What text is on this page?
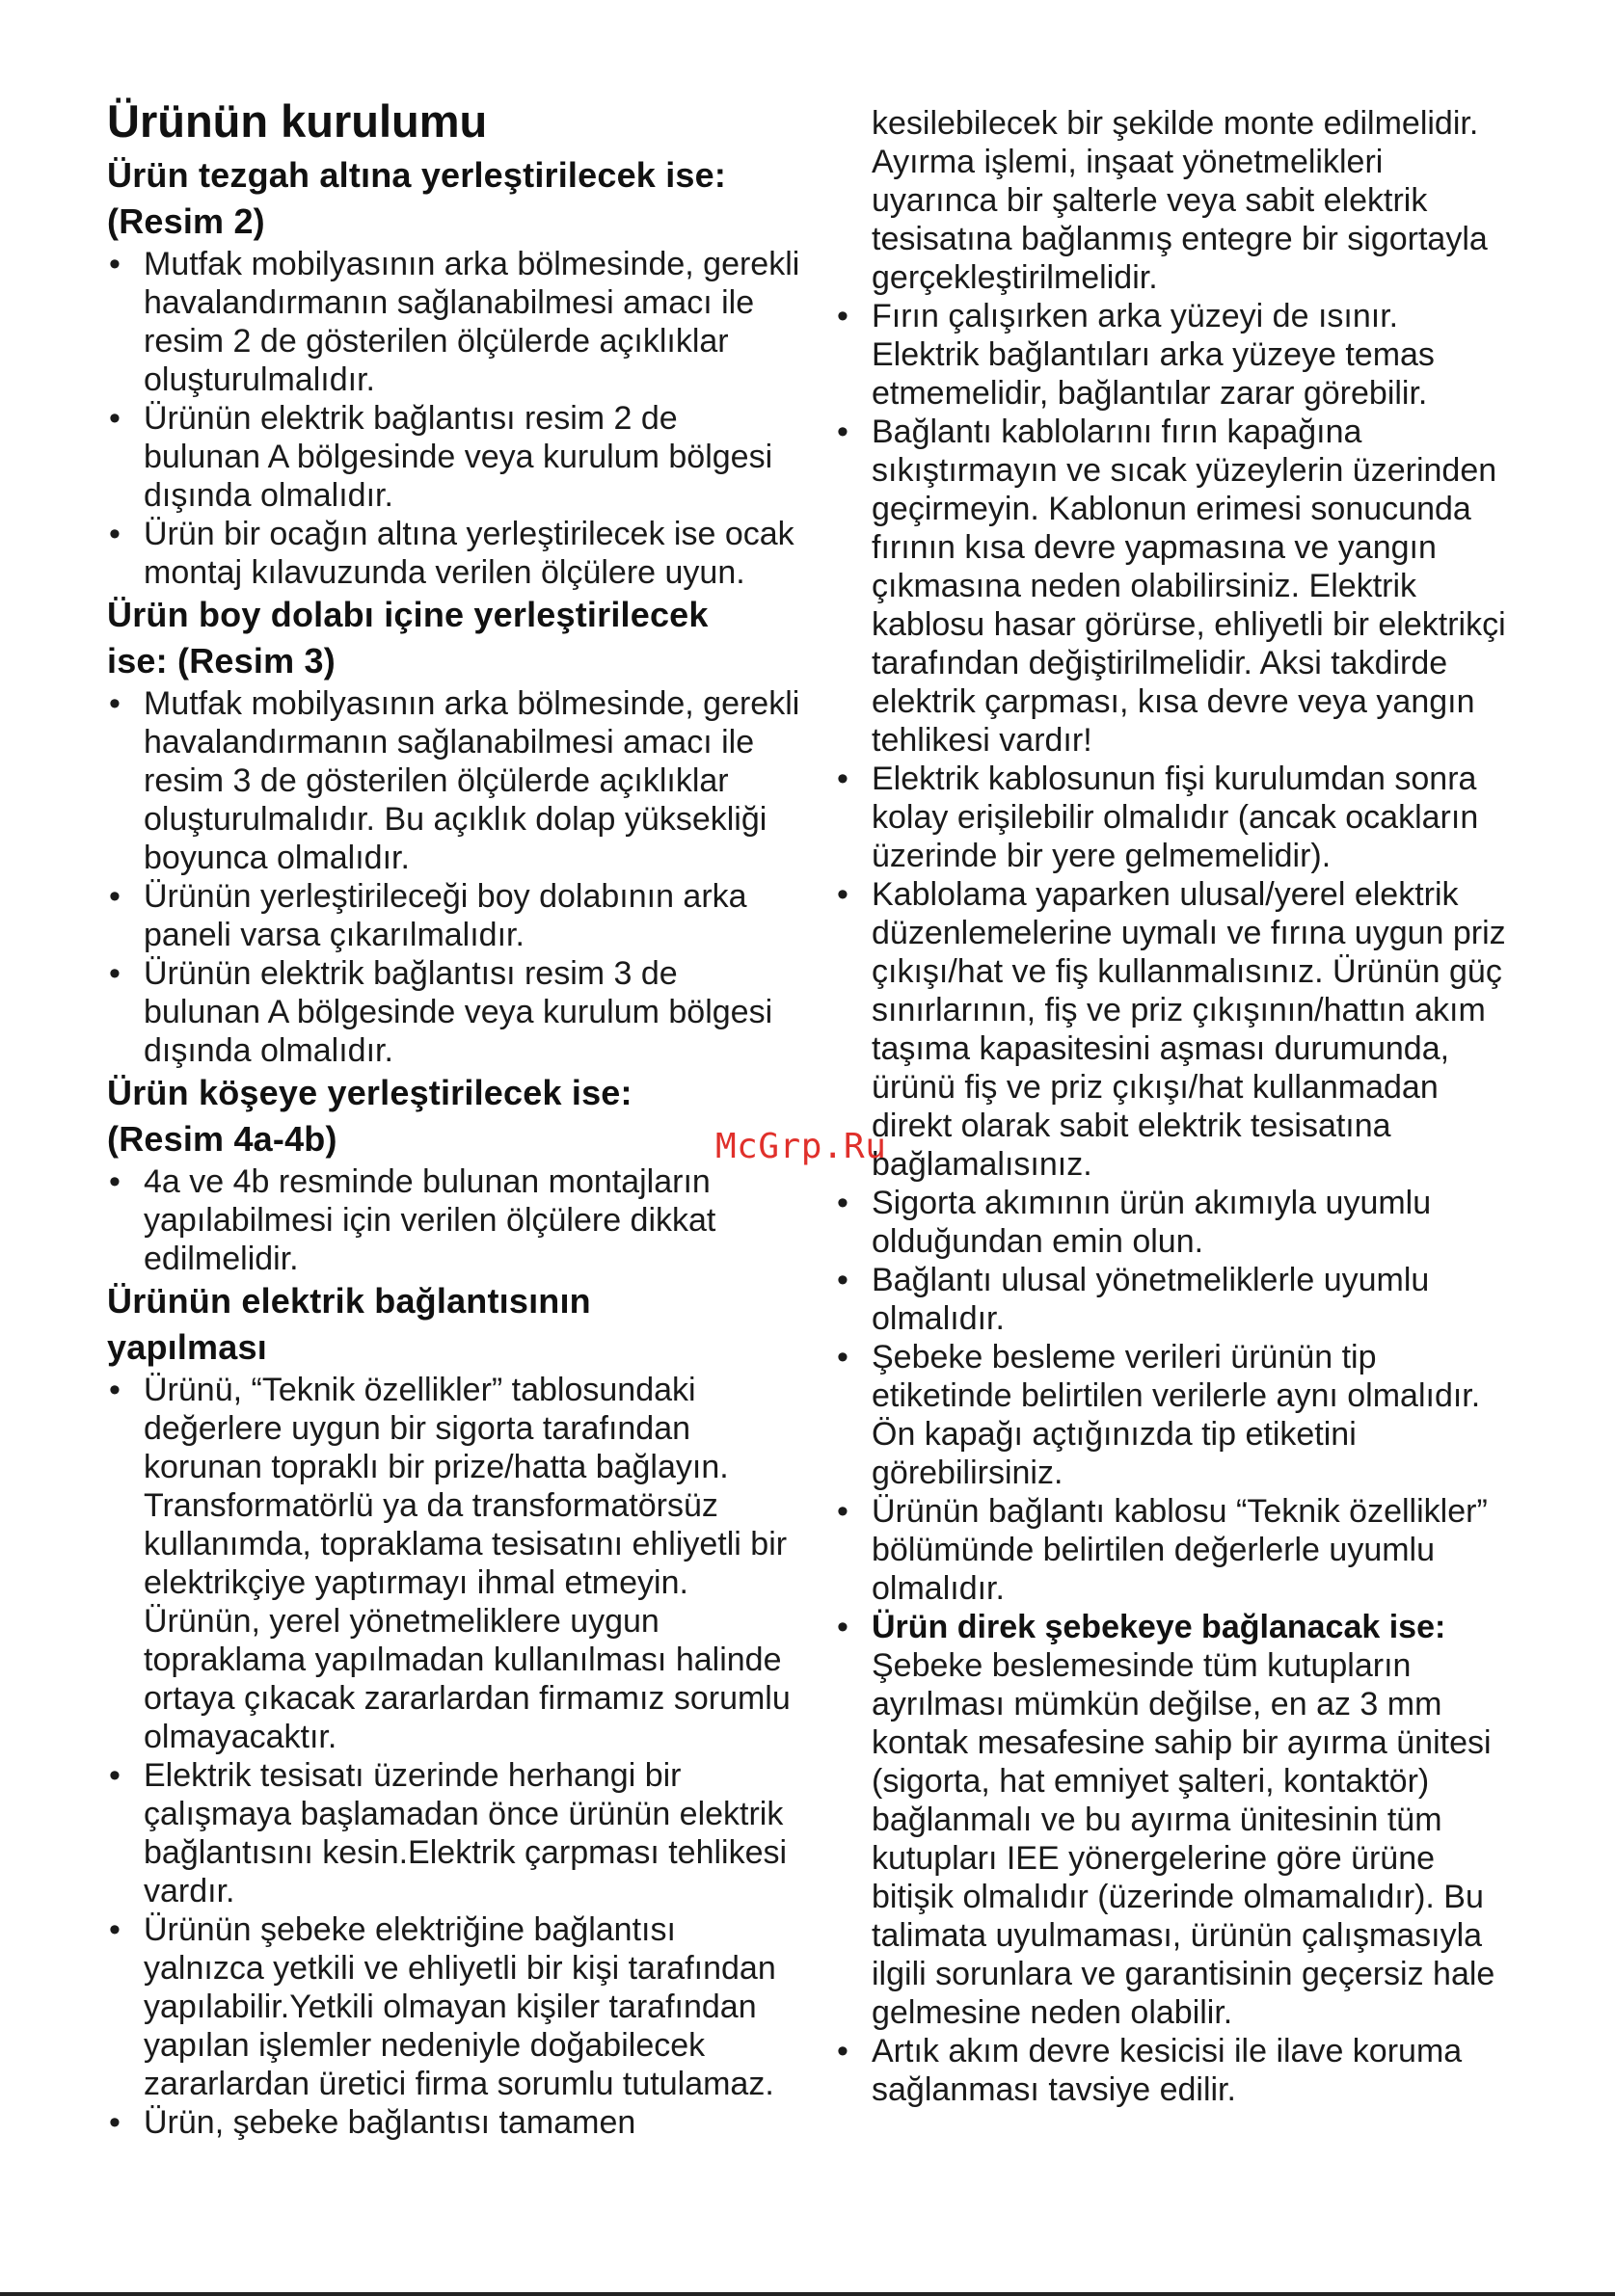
Ürünün kurulumu
Ürün tezgah altına yerleştirilecek ise:
(Resim 2)
• Mutfak mobilyasının arka bölmesinde, gerekli havalandırmanın sağlanabilmesi amacı ile resim 2 de gösterilen ölçülerde açıklıklar oluşturulmalıdır.
• Ürünün elektrik bağlantısı resim 2 de bulunan A bölgesinde veya kurulum bölgesi dışında olmalıdır.
• Ürün bir ocağın altına yerleştirilecek ise ocak montaj kılavuzunda verilen ölçülere uyun.
Ürün boy dolabı içine yerleştirilecek
ise: (Resim 3)
• Mutfak mobilyasının arka bölmesinde, gerekli havalandırmanın sağlanabilmesi amacı ile resim 3 de gösterilen ölçülerde açıklıklar oluşturulmalıdır. Bu açıklık dolap yüksekliği boyunca olmalıdır.
• Ürünün yerleştirileceği boy dolabının arka paneli varsa çıkarılmalıdır.
• Ürünün elektrik bağlantısı resim 3 de bulunan A bölgesinde veya kurulum bölgesi dışında olmalıdır.
Ürün köşeye yerleştirilecek ise:
(Resim 4a-4b)
• 4a ve 4b resminde bulunan montajların yapılabilmesi için verilen ölçülere dikkat edilmelidir.
Ürünün elektrik bağlantısının
yapılması
• Ürünü, “Teknik özellikler” tablosundaki değerlere uygun bir sigorta tarafından korunan topraklı bir prize/hatta bağlayın. Transformatörlü ya da transformatörsüz kullanımda, topraklama tesisatını ehliyetli bir elektrikçiye yaptırmayı ihmal etmeyin. Ürünün, yerel yönetmeliklere uygun topraklama yapılmadan kullanılması halinde ortaya çıkacak zararlardan firmamız sorumlu olmayacaktır.
• Elektrik tesisatı üzerinde herhangi bir çalışmaya başlamadan önce ürünün elektrik bağlantısını kesin.Elektrik çarpması tehlikesi vardır.
• Ürünün şebeke elektriğine bağlantısı yalnızca yetkili ve ehliyetli bir kişi tarafından yapılabilir.Yetkili olmayan kişiler tarafından yapılan işlemler nedeniyle doğabilecek zararlardan üretici firma sorumlu tutulamaz.
• Ürün, şebeke bağlantısı tamamen

kesilebilecek bir şekilde monte edilmelidir. Ayırma işlemi, inşaat yönetmelikleri uyarınca bir şalterle veya sabit elektrik tesisatına bağlanmış entegre bir sigortayla gerçekleştirilmelidir.

• Fırın çalışırken arka yüzeyi de ısınır. Elektrik bağlantıları arka yüzeye temas etmemelidir, bağlantılar zarar görebilir.
• Bağlantı kablolarını fırın kapağına sıkıştırmayın ve sıcak yüzeylerin üzerinden geçirmeyin. Kablonun erimesi sonucunda fırının kısa devre yapmasına ve yangın çıkmasına neden olabilirsiniz. Elektrik kablosu hasar görürse, ehliyetli bir elektrikçi tarafından değiştirilmelidir. Aksi takdirde elektrik çarpması, kısa devre veya yangın tehlikesi vardır!
• Elektrik kablosunun fişi kurulumdan sonra kolay erişilebilir olmalıdır (ancak ocakların üzerinde bir yere gelmemelidir).
• Kablolama yaparken ulusal/yerel elektrik düzenlemelerine uymalı ve fırına uygun priz çıkışı/hat ve fiş kullanmalısınız. Ürünün güç sınırlarının, fiş ve priz çıkışının/hattın akım taşıma kapasitesini aşması durumunda, ürünü fiş ve priz çıkışı/hat kullanmadan direkt olarak sabit elektrik tesisatına bağlamalısınız.
• Sigorta akımının ürün akımıyla uyumlu olduğundan emin olun.
• Bağlantı ulusal yönetmeliklerle uyumlu olmalıdır.
• Şebeke besleme verileri ürünün tip etiketinde belirtilen verilerle aynı olmalıdır. Ön kapağı açtığınızda tip etiketini görebilirsiniz.
• Ürünün bağlantı kablosu “Teknik özellikler” bölümünde belirtilen değerlerle uyumlu olmalıdır.
• Ürün direk şebekeye bağlanacak ise:
Şebeke beslemesinde tüm kutupların ayrılması mümkün değilse, en az 3 mm kontak mesafesine sahip bir ayırma ünitesi (sigorta, hat emniyet şalteri, kontaktör) bağlanmalı ve bu ayırma ünitesinin tüm kutupları IEE yönergelerine göre ürüne bitişik olmalıdır (üzerinde olmamalıdır). Bu talimata uyulmaması, ürünün çalışmasıyla ilgili sorunlara ve garantisinin geçersiz hale gelmesine neden olabilir.
• Artık akım devre kesicisi ile ilave koruma sağlanması tavsiye edilir.
McGrp.Ru
